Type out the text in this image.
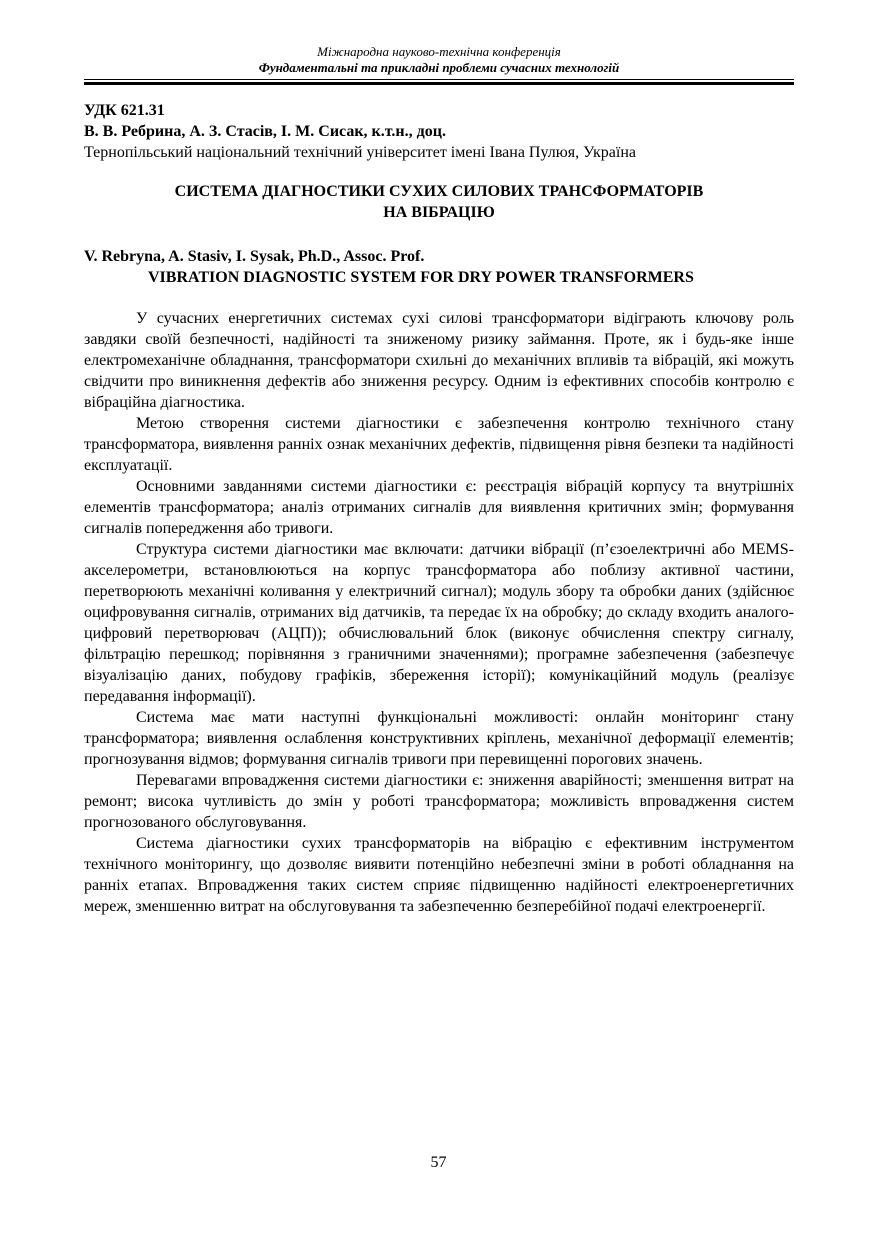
Міжнародна науково-технічна конференція
Фундаментальні та прикладні проблеми сучасних технологій

УДК 621.31

В. В. Ребрина, А. З. Стасів, І. М. Сисак, к.т.н., доц.

Тернопільський національний технічний університет імені Івана Пулюя, Україна

СИСТЕМА ДІАГНОСТИКИ СУХИХ СИЛОВИХ ТРАНСФОРМАТОРІВ
НА ВІБРАЦІЮ

V. Rebryna, A. Stasiv, I. Sysak, Ph.D., Assoc. Prof.

VIBRATION DIAGNOSTIC SYSTEM FOR DRY POWER TRANSFORMERS

У сучасних енергетичних системах сухі силові трансформатори відіграють ключову роль завдяки своїй безпечності, надійності та зниженому ризику займання. Проте, як і будь-яке інше електромеханічне обладнання, трансформатори схильні до механічних впливів та вібрацій, які можуть свідчити про виникнення дефектів або зниження ресурсу. Одним із ефективних способів контролю є вібраційна діагностика.

Метою створення системи діагностики є забезпечення контролю технічного стану трансформатора, виявлення ранніх ознак механічних дефектів, підвищення рівня безпеки та надійності експлуатації.

Основними завданнями системи діагностики є: реєстрація вібрацій корпусу та внутрішніх елементів трансформатора; аналіз отриманих сигналів для виявлення критичних змін; формування сигналів попередження або тривоги.

Структура системи діагностики має включати: датчики вібрації (п’єзоелектричні або MEMS-акселерометри, встановлюються на корпус трансформатора або поблизу активної частини, перетворюють механічні коливання у електричний сигнал); модуль збору та обробки даних (здійснює оцифровування сигналів, отриманих від датчиків, та передає їх на обробку; до складу входить аналого-цифровий перетворювач (АЦП)); обчислювальний блок (виконує обчислення спектру сигналу, фільтрацію перешкод; порівняння з граничними значеннями); програмне забезпечення (забезпечує візуалізацію даних, побудову графіків, збереження історії); комунікаційний модуль (реалізує передавання інформації).

Система має мати наступні функціональні можливості: онлайн моніторинг стану трансформатора; виявлення ослаблення конструктивних кріплень, механічної деформації елементів; прогнозування відмов; формування сигналів тривоги при перевищенні порогових значень.

Перевагами впровадження системи діагностики є: зниження аварійності; зменшення витрат на ремонт; висока чутливість до змін у роботі трансформатора; можливість впровадження систем прогнозованого обслуговування.

Система діагностики сухих трансформаторів на вібрацію є ефективним інструментом технічного моніторингу, що дозволяє виявити потенційно небезпечні зміни в роботі обладнання на ранніх етапах. Впровадження таких систем сприяє підвищенню надійності електроенергетичних мереж, зменшенню витрат на обслуговування та забезпеченню безперебійної подачі електроенергії.

57
